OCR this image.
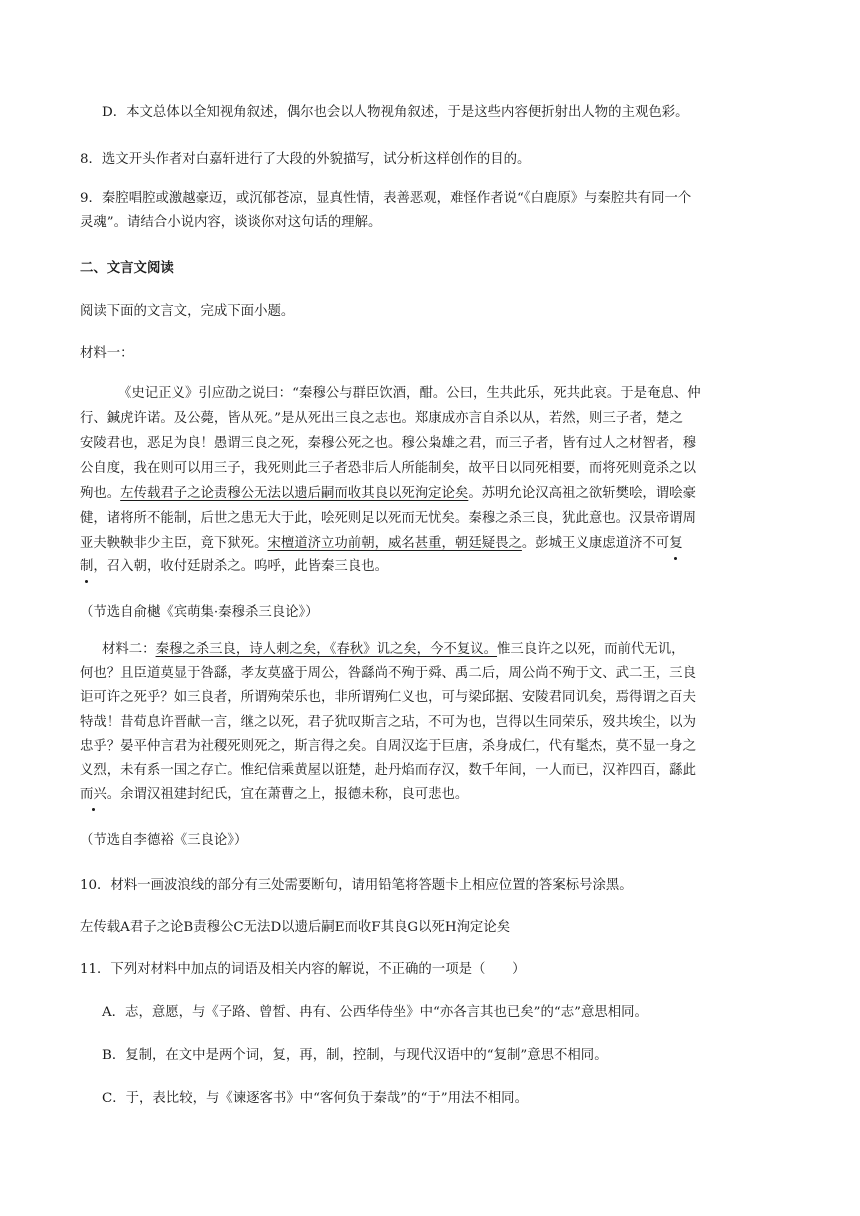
D．本文总体以全知视角叙述，偶尔也会以人物视角叙述，于是这些内容便折射出人物的主观色彩。
8．选文开头作者对白嘉轩进行了大段的外貌描写，试分析这样创作的目的。
9．秦腔唱腔或激越豪迈，或沉郁苍凉，显真性情，表善恶观，难怪作者说“《白鹿原》与秦腔共有同一个
灵魂”。请结合小说内容，谈谈你对这句话的理解。
二、文言文阅读
阅读下面的文言文，完成下面小题。
材料一：
《史记正义》引应劭之说曰：“秦穆公与群臣饮酒，酣。公曰，生共此乐，死共此哀。于是奄息、仲
行、鍼虎许诺。及公薨，皆从死。”是从死出三良之志也。郑康成亦言自杀以从，若然，则三子者，楚之
安陵君也，恶足为良！愚谓三良之死，秦穆公死之也。穆公枭雄之君，而三子者，皆有过人之材智者，穆
公自度，我在则可以用三子，我死则此三子者恐非后人所能制矣，故平日以同死相要，而将死则竟杀之以
殉也。左传载君子之论责穆公无法以遗后嗣而收其良以死洵定论矣。苏明允论汉高祖之欲斩樊哙，谓哙豪
健，诸将所不能制，后世之患无大于此，哙死则足以死而无忧矣。秦穆之杀三良，犹此意也。汉景帝谓周
亚夫鞅鞅非少主臣，竟下狱死。宋檀道济立功前朝，威名甚重，朝廷疑畏之。彭城王义康虑道济不可复
制，召入朝，收付廷尉杀之。呜呼，此皆秦三良也。
（节选自俞樾《宾萌集·秦穆杀三良论》）
材料二：秦穆之杀三良，诗人刺之矣，《春秋》讥之矣，今不复议。惟三良许之以死，而前代无讥，
何也？且臣道莫显于咎繇，孝友莫盛于周公，咎繇尚不殉于舜、禹二后，周公尚不殉于文、武二王，三良
讵可许之死乎？如三良者，所谓殉荣乐也，非所谓殉仁义也，可与梁邱据、安陵君同讥矣，焉得谓之百夫
特哉！昔荀息许晋献一言，继之以死，君子犹叹斯言之玷，不可为也，岂得以生同荣乐，歿共埃尘，以为
忠乎？晏平仲言君为社稷死则死之，斯言得之矣。自周汉迄于巨唐，杀身成仁，代有髦杰，莫不显一身之
义烈，未有系一国之存亡。惟纪信乘黄屋以诳楚，赴丹焰而存汉，数千年间，一人而已，汉祚四百，繇此
而兴。余谓汉祖建封纪氏，宜在萧曹之上，报德未称，良可悲也。
（节选自李德裕《三良论》）
10．材料一画波浪线的部分有三处需要断句，请用铅笔将答题卡上相应位置的答案标号涂黑。
左传载A君子之论B责穆公C无法D以遗后嗣E而收F其良G以死H洵定论矣
11．下列对材料中加点的词语及相关内容的解说，不正确的一项是（　　）
A．志，意愿，与《子路、曾皙、冉有、公西华侍坐》中“亦各言其也已矣”的“志”意思相同。
B．复制，在文中是两个词，复，再，制，控制，与现代汉语中的“复制”意思不相同。
C．于，表比较，与《谏逐客书》中“客何负于秦哉”的“于”用法不相同。
